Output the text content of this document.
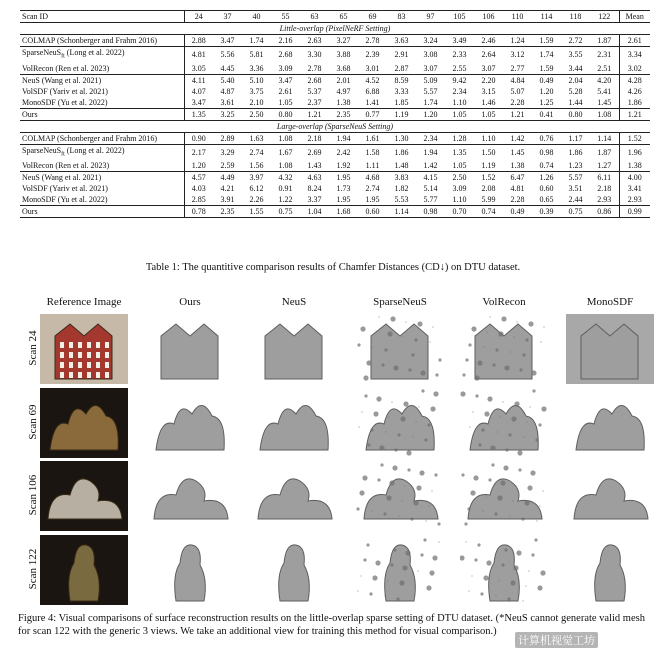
Scan ID	24	37	40	55	63	65	69	83	97	105	106	110	114	118	122	Mean
Little-overlap (PixelNeRF Setting)																
COLMAP (Schonberger and Frahm 2016)	2.88	3.47	1.74	2.16	2.63	3.27	2.78	3.63	3.24	3.49	2.46	1.24	1.59	2.72	1.87	2.61
SparseNeuS$_{ft}$ (Long et al. 2022)	4.81	5.56	5.81	2.68	3.30	3.88	2.39	2.91	3.08	2.33	2.64	3.12	1.74	3.55	2.31	3.34
VolRecon (Ren et al. 2023)	3.05	4.45	3.36	3.09	2.78	3.68	3.01	2.87	3.07	2.55	3.07	2.77	1.59	3.44	2.51	3.02
NeuS (Wang et al. 2021)	4.11	5.40	5.10	3.47	2.68	2.01	4.52	8.59	5.09	9.42	2.20	4.84	0.49	2.04	4.20	4.28
VolSDF (Yariv et al. 2021)	4.07	4.87	3.75	2.61	5.37	4.97	6.88	3.33	5.57	2.34	3.15	5.07	1.20	5.28	5.41	4.26
MonoSDF (Yu et al. 2022)	3.47	3.61	2.10	1.05	2.37	1.38	1.41	1.85	1.74	1.10	1.46	2.28	1.25	1.44	1.45	1.86
Ours	1.35	3.25	2.50	0.80	1.21	2.35	0.77	1.19	1.20	1.05	1.05	1.21	0.41	0.80	1.08	1.21
Large-overlap (SparseNeuS Setting)																
COLMAP (Schonberger and Frahm 2016)	0.90	2.89	1.63	1.08	2.18	1.94	1.61	1.30	2.34	1.28	1.10	1.42	0.76	1.17	1.14	1.52
SparseNeuS$_{ft}$ (Long et al. 2022)	2.17	3.29	2.74	1.67	2.69	2.42	1.58	1.86	1.94	1.35	1.50	1.45	0.98	1.86	1.87	1.96
VolRecon (Ren et al. 2023)	1.20	2.59	1.56	1.08	1.43	1.92	1.11	1.48	1.42	1.05	1.19	1.38	0.74	1.23	1.27	1.38
NeuS (Wang et al. 2021)	4.57	4.49	3.97	4.32	4.63	1.95	4.68	3.83	4.15	2.50	1.52	6.47	1.26	5.57	6.11	4.00
VolSDF (Yariv et al. 2021)	4.03	4.21	6.12	0.91	8.24	1.73	2.74	1.82	5.14	3.09	2.08	4.81	0.60	3.51	2.18	3.41
MonoSDF (Yu et al. 2022)	2.85	3.91	2.26	1.22	3.37	1.95	1.95	5.53	5.77	1.10	5.99	2.28	0.65	2.44	2.93	2.93
Ours	0.78	2.35	1.55	0.75	1.04	1.68	0.60	1.14	0.98	0.70	0.74	0.49	0.39	0.75	0.86	0.99
Table 1: The quantitive comparison results of Chamfer Distances (CD↓) on DTU dataset.
Reference Image	Ours	NeuS	SparseNeuS	VolRecon	MonoSDF
Scan 24
Scan 69
Scan 106
Scan 122
Figure 4: Visual comparisons of surface reconstruction results on the little-overlap sparse setting of DTU dataset. (*NeuS cannot generate valid mesh for scan 122 with the generic 3 views. We take an additional view for training this method for visual comparison.)
计算机视觉工坊
